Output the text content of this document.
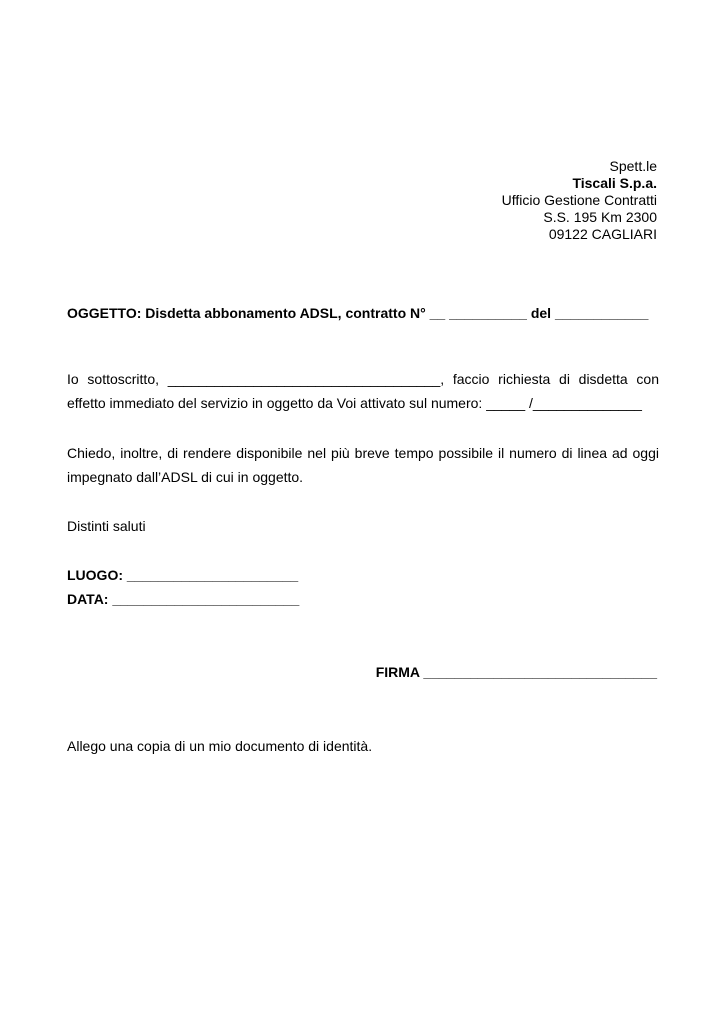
Spett.le
Tiscali S.p.a.
Ufficio Gestione Contratti
S.S. 195 Km 2300
09122 CAGLIARI
OGGETTO: Disdetta abbonamento ADSL, contratto N° __ __________ del ____________
Io sottoscritto, ___________________________________, faccio richiesta di disdetta con
effetto immediato del servizio in oggetto da Voi attivato sul numero: _____ /______________
Chiedo, inoltre, di rendere disponibile nel più breve tempo possibile il numero di linea ad oggi
impegnato dall’ADSL di cui in oggetto.
Distinti saluti
LUOGO: ______________________
DATA: ________________________
FIRMA ______________________________
Allego una copia di un mio documento di identità.
